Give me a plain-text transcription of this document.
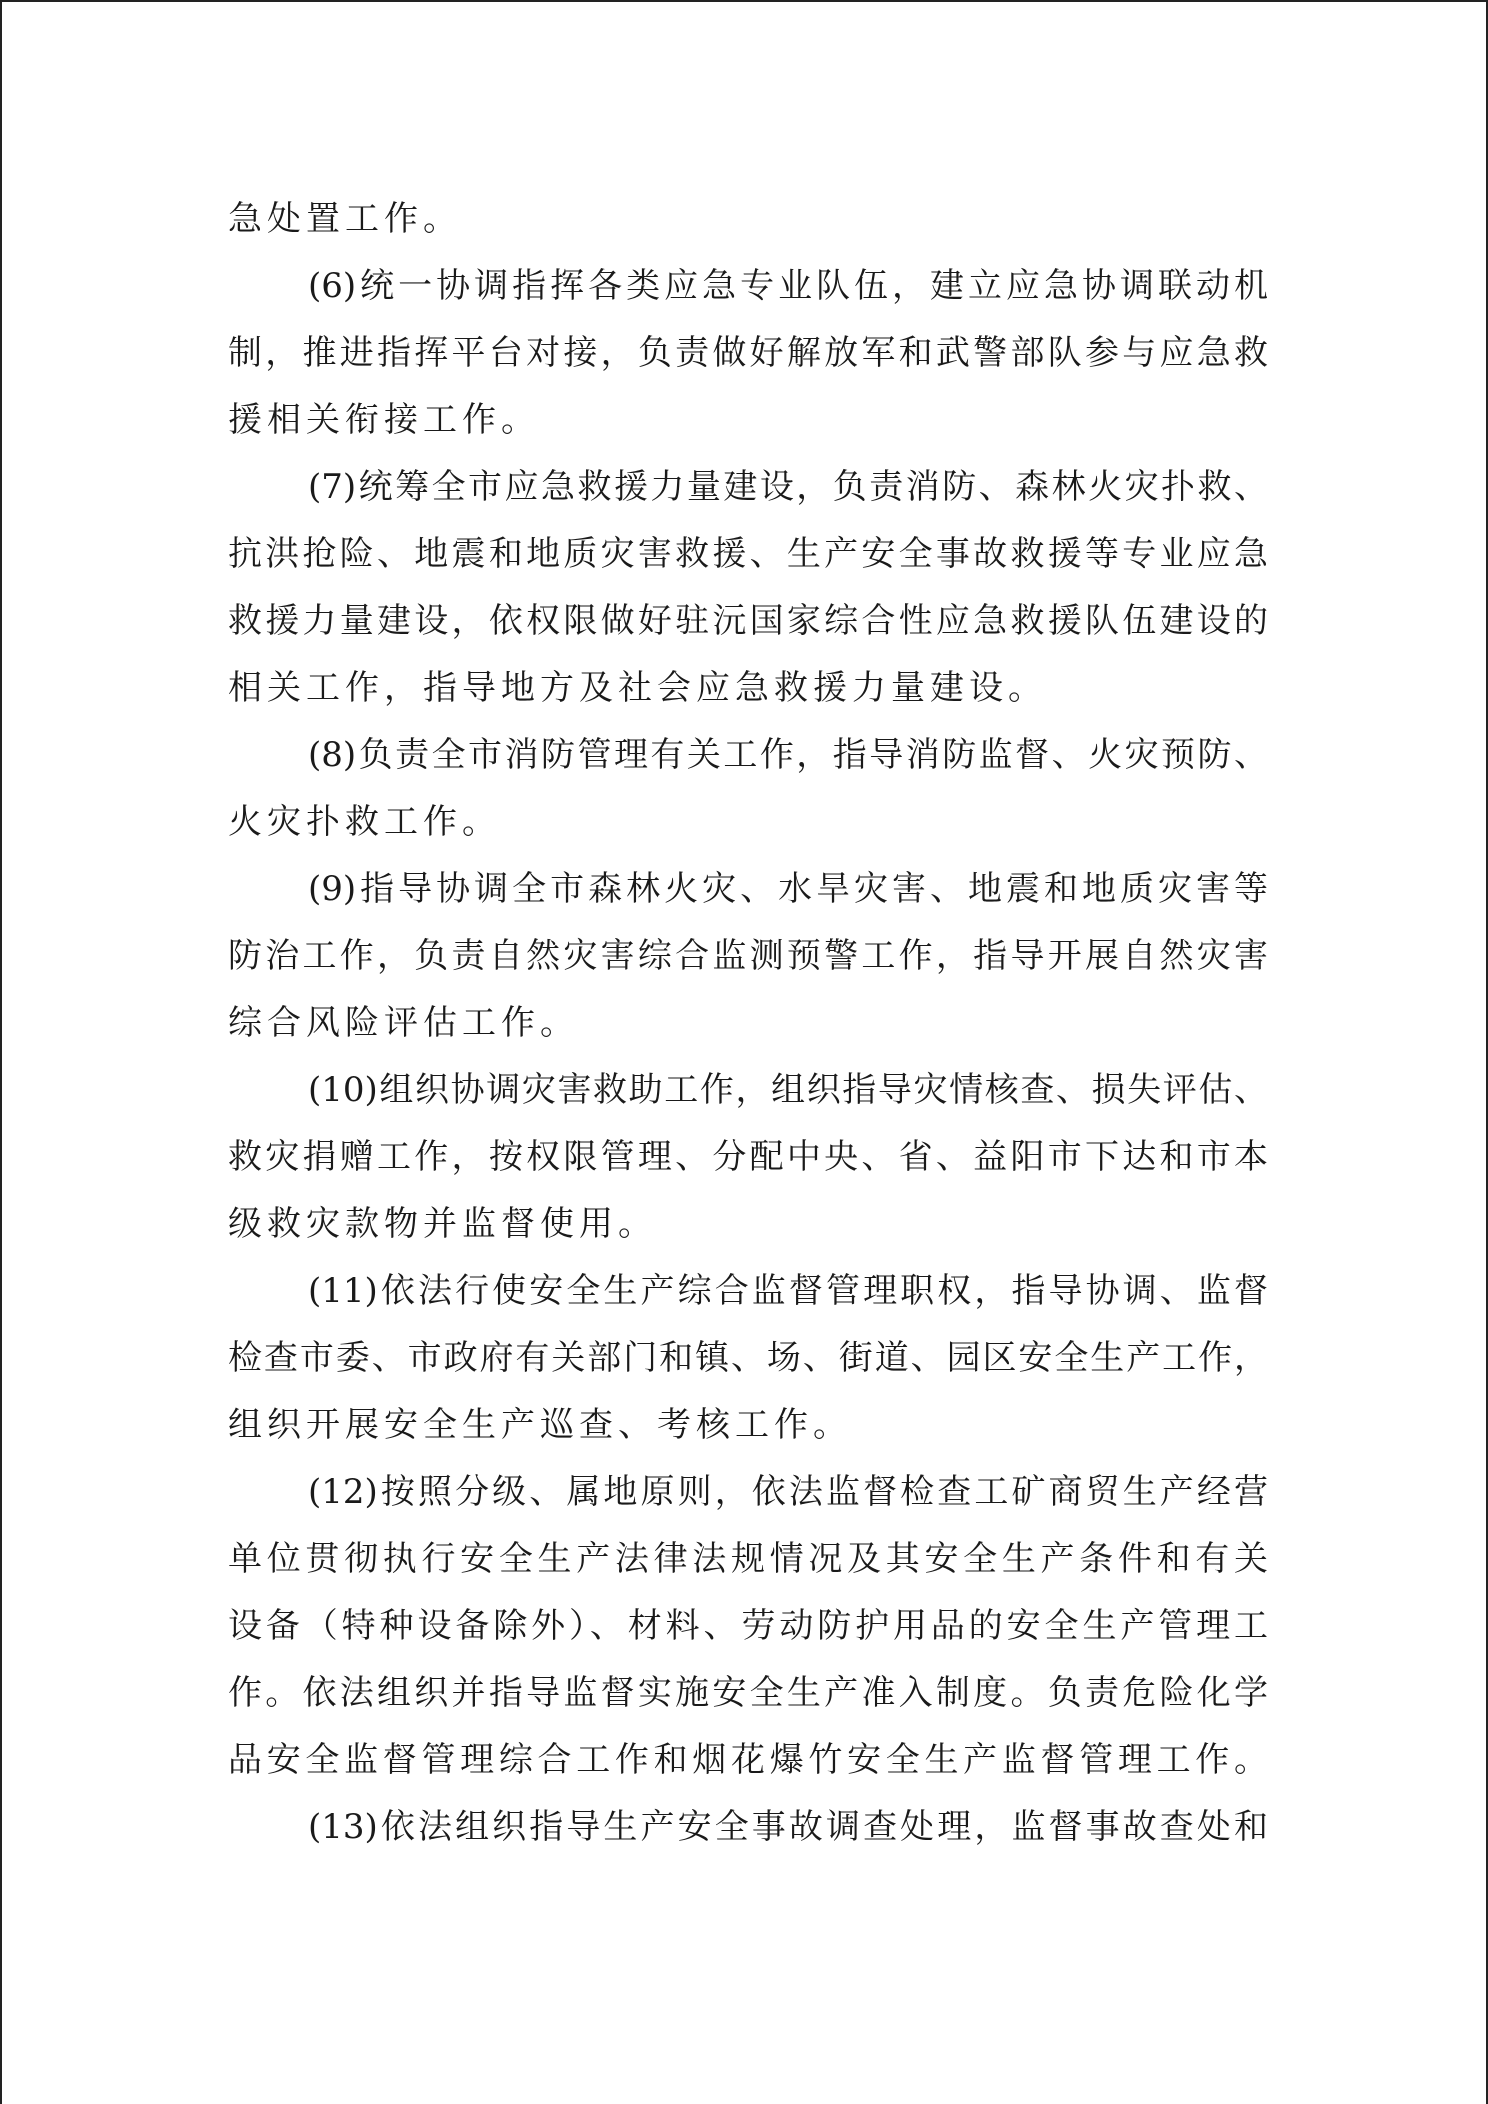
急处置工作。
(6)统一协调指挥各类应急专业队伍，建立应急协调联动机
制，推进指挥平台对接，负责做好解放军和武警部队参与应急救
援相关衔接工作。
(7)统筹全市应急救援力量建设，负责消防、森林火灾扑救、
抗洪抢险、地震和地质灾害救援、生产安全事故救援等专业应急
救援力量建设，依权限做好驻沅国家综合性应急救援队伍建设的
相关工作，指导地方及社会应急救援力量建设。
(8)负责全市消防管理有关工作，指导消防监督、火灾预防、
火灾扑救工作。
(9)指导协调全市森林火灾、水旱灾害、地震和地质灾害等
防治工作，负责自然灾害综合监测预警工作，指导开展自然灾害
综合风险评估工作。
(10)组织协调灾害救助工作，组织指导灾情核查、损失评估、
救灾捐赠工作，按权限管理、分配中央、省、益阳市下达和市本
级救灾款物并监督使用。
(11)依法行使安全生产综合监督管理职权，指导协调、监督
检查市委、市政府有关部门和镇、场、街道、园区安全生产工作，
组织开展安全生产巡查、考核工作。
(12)按照分级、属地原则，依法监督检查工矿商贸生产经营
单位贯彻执行安全生产法律法规情况及其安全生产条件和有关
设备（特种设备除外）、材料、劳动防护用品的安全生产管理工
作。依法组织并指导监督实施安全生产准入制度。负责危险化学
品安全监督管理综合工作和烟花爆竹安全生产监督管理工作。
(13)依法组织指导生产安全事故调查处理，监督事故查处和
